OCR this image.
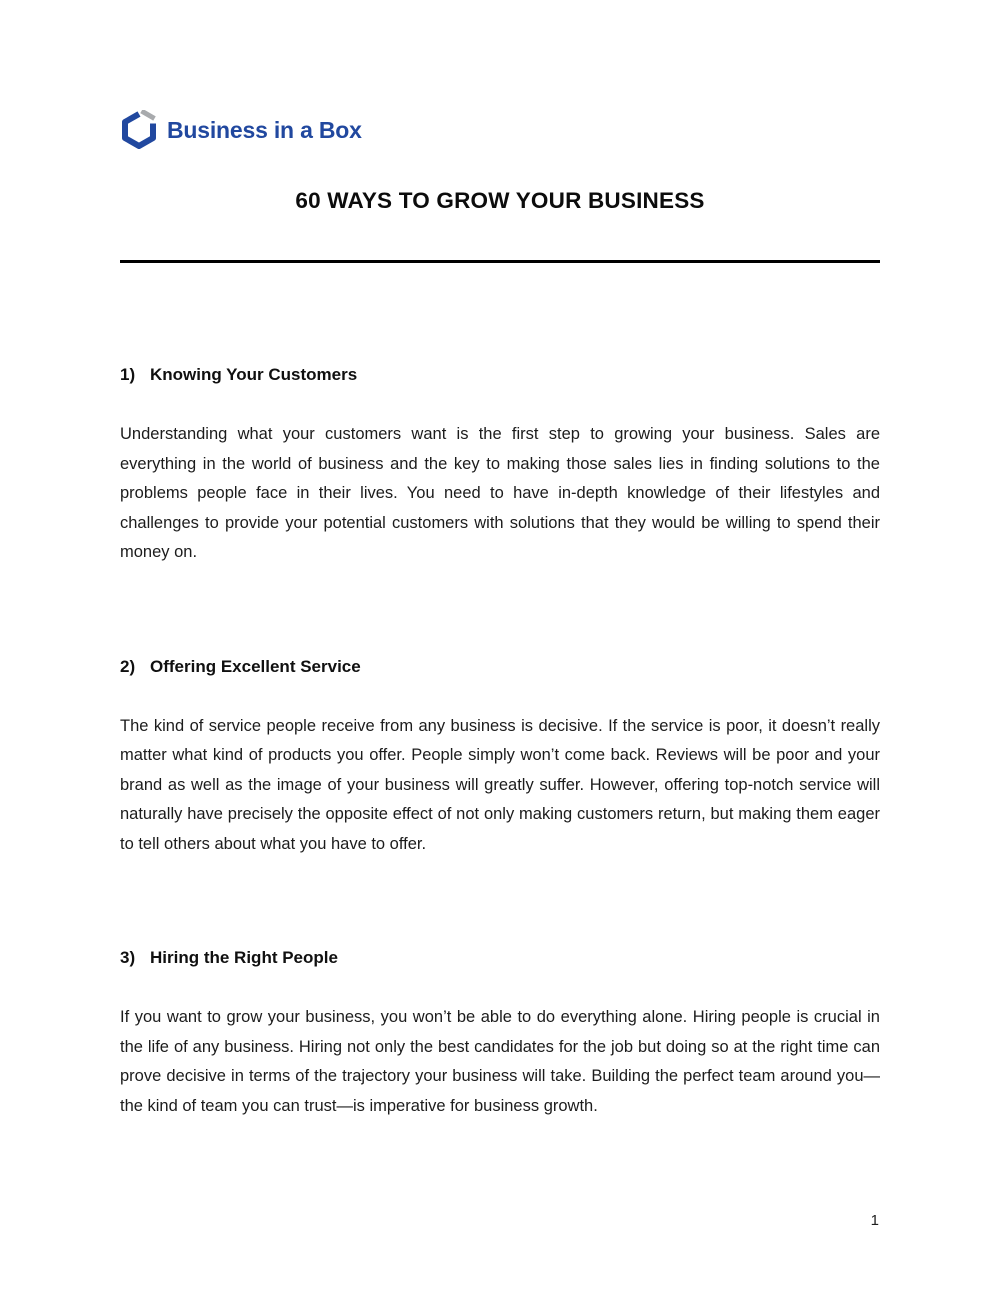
Business in a Box
60 WAYS TO GROW YOUR BUSINESS
1) Knowing Your Customers

Understanding what your customers want is the first step to growing your business. Sales are everything in the world of business and the key to making those sales lies in finding solutions to the problems people face in their lives. You need to have in-depth knowledge of their lifestyles and challenges to provide your potential customers with solutions that they would be willing to spend their money on.

2) Offering Excellent Service

The kind of service people receive from any business is decisive. If the service is poor, it doesn’t really matter what kind of products you offer. People simply won’t come back. Reviews will be poor and your brand as well as the image of your business will greatly suffer. However, offering top-notch service will naturally have precisely the opposite effect of not only making customers return, but making them eager to tell others about what you have to offer.

3) Hiring the Right People

If you want to grow your business, you won’t be able to do everything alone. Hiring people is crucial in the life of any business. Hiring not only the best candidates for the job but doing so at the right time can prove decisive in terms of the trajectory your business will take. Building the perfect team around you—the kind of team you can trust—is imperative for business growth.

1
